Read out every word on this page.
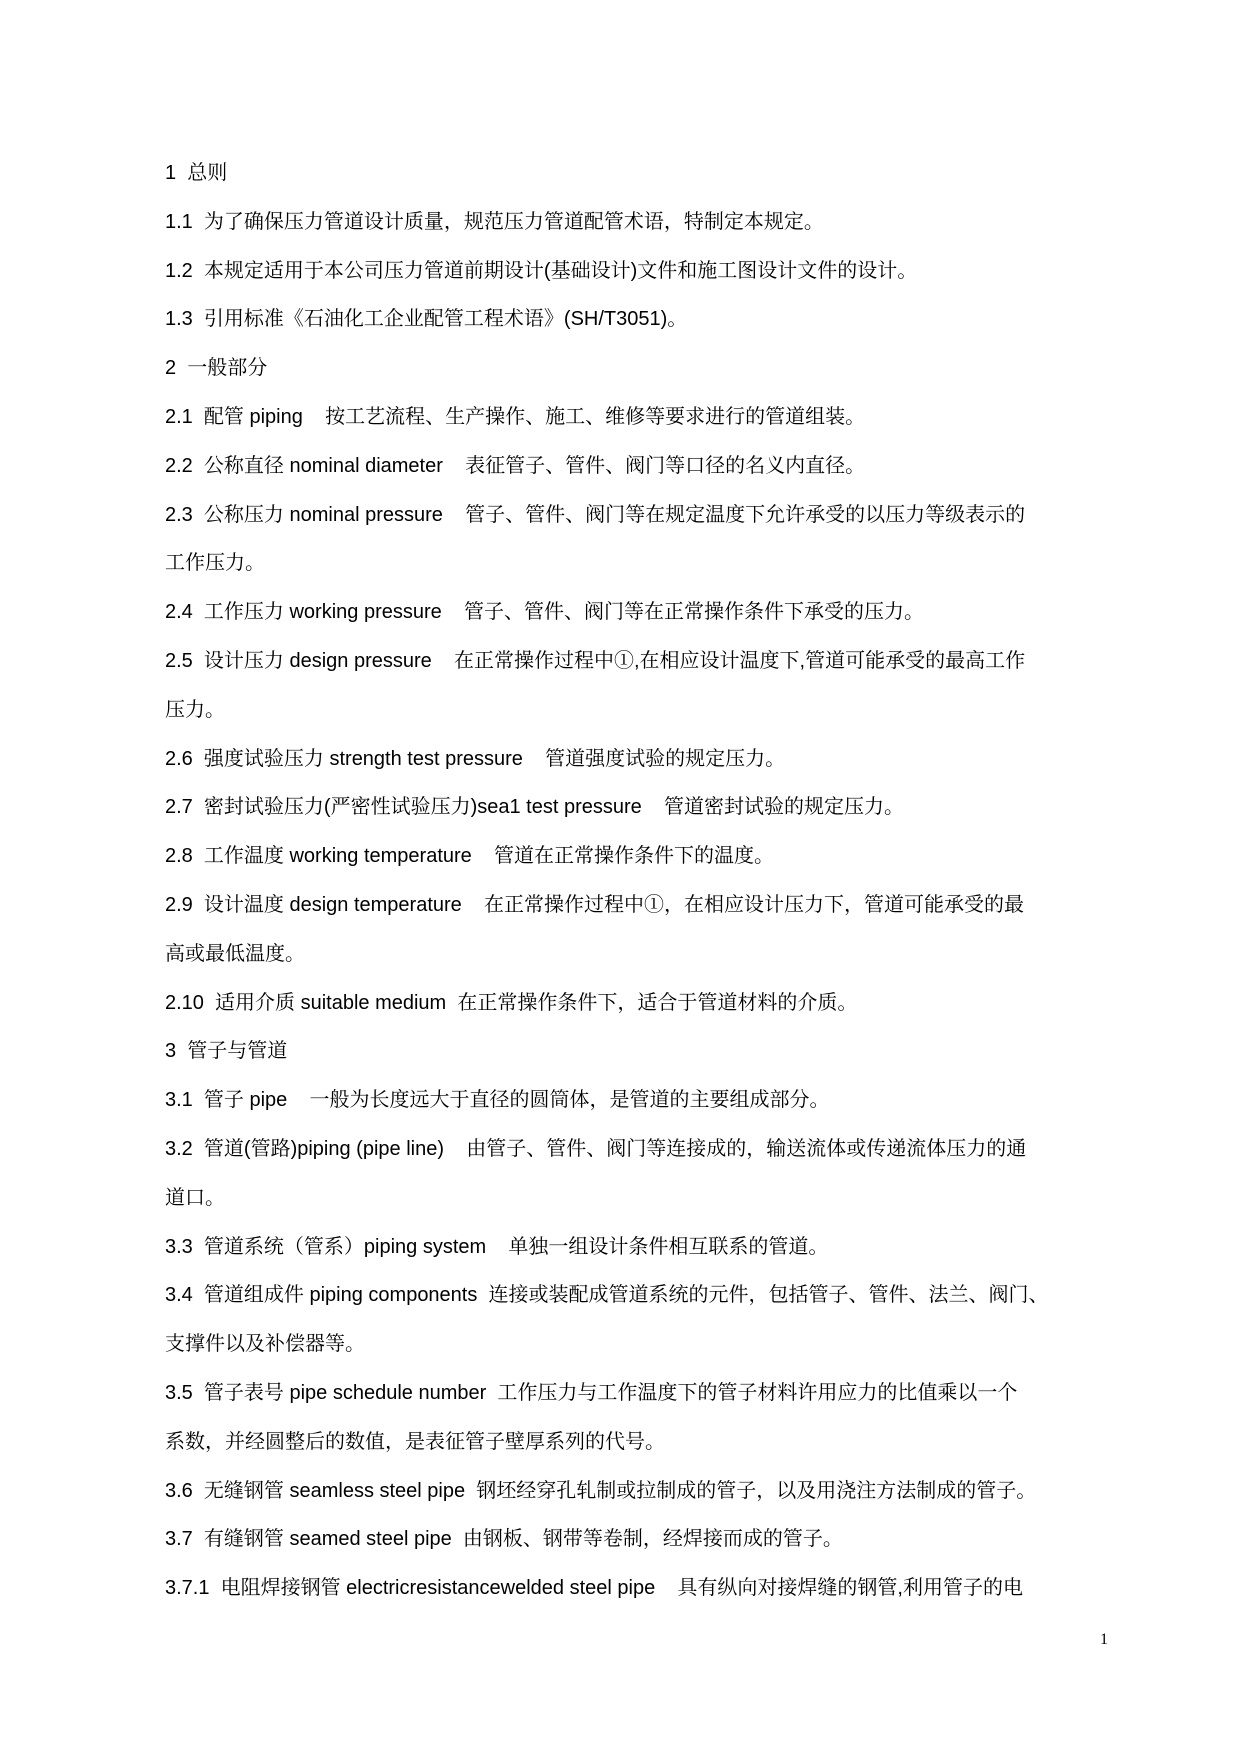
1  总则
1.1  为了确保压力管道设计质量，规范压力管道配管术语，特制定本规定。
1.2  本规定适用于本公司压力管道前期设计(基础设计)文件和施工图设计文件的设计。
1.3  引用标准《石油化工企业配管工程术语》(SH/T3051)。
2  一般部分
2.1  配管 piping    按工艺流程、生产操作、施工、维修等要求进行的管道组装。
2.2  公称直径 nominal diameter    表征管子、管件、阀门等口径的名义内直径。
2.3  公称压力 nominal pressure    管子、管件、阀门等在规定温度下允许承受的以压力等级表示的
工作压力。
2.4  工作压力 working pressure    管子、管件、阀门等在正常操作条件下承受的压力。
2.5  设计压力 design pressure    在正常操作过程中①,在相应设计温度下,管道可能承受的最高工作
压力。
2.6  强度试验压力 strength test pressure    管道强度试验的规定压力。
2.7  密封试验压力(严密性试验压力)sea1 test pressure    管道密封试验的规定压力。
2.8  工作温度 working temperature    管道在正常操作条件下的温度。
2.9  设计温度 design temperature    在正常操作过程中①，在相应设计压力下，管道可能承受的最
高或最低温度。
2.10  适用介质 suitable medium  在正常操作条件下，适合于管道材料的介质。
3  管子与管道
3.1  管子 pipe    一般为长度远大于直径的圆筒体，是管道的主要组成部分。
3.2  管道(管路)piping (pipe line)    由管子、管件、阀门等连接成的，输送流体或传递流体压力的通
道口。
3.3  管道系统（管系）piping system    单独一组设计条件相互联系的管道。
3.4  管道组成件 piping components  连接或装配成管道系统的元件，包括管子、管件、法兰、阀门、
支撑件以及补偿器等。
3.5  管子表号 pipe schedule number  工作压力与工作温度下的管子材料许用应力的比值乘以一个
系数，并经圆整后的数值，是表征管子壁厚系列的代号。
3.6  无缝钢管 seamless steel pipe  钢坯经穿孔轧制或拉制成的管子，以及用浇注方法制成的管子。
3.7  有缝钢管 seamed steel pipe  由钢板、钢带等卷制，经焊接而成的管子。
3.7.1  电阻焊接钢管 electricresistancewelded steel pipe    具有纵向对接焊缝的钢管,利用管子的电
1
